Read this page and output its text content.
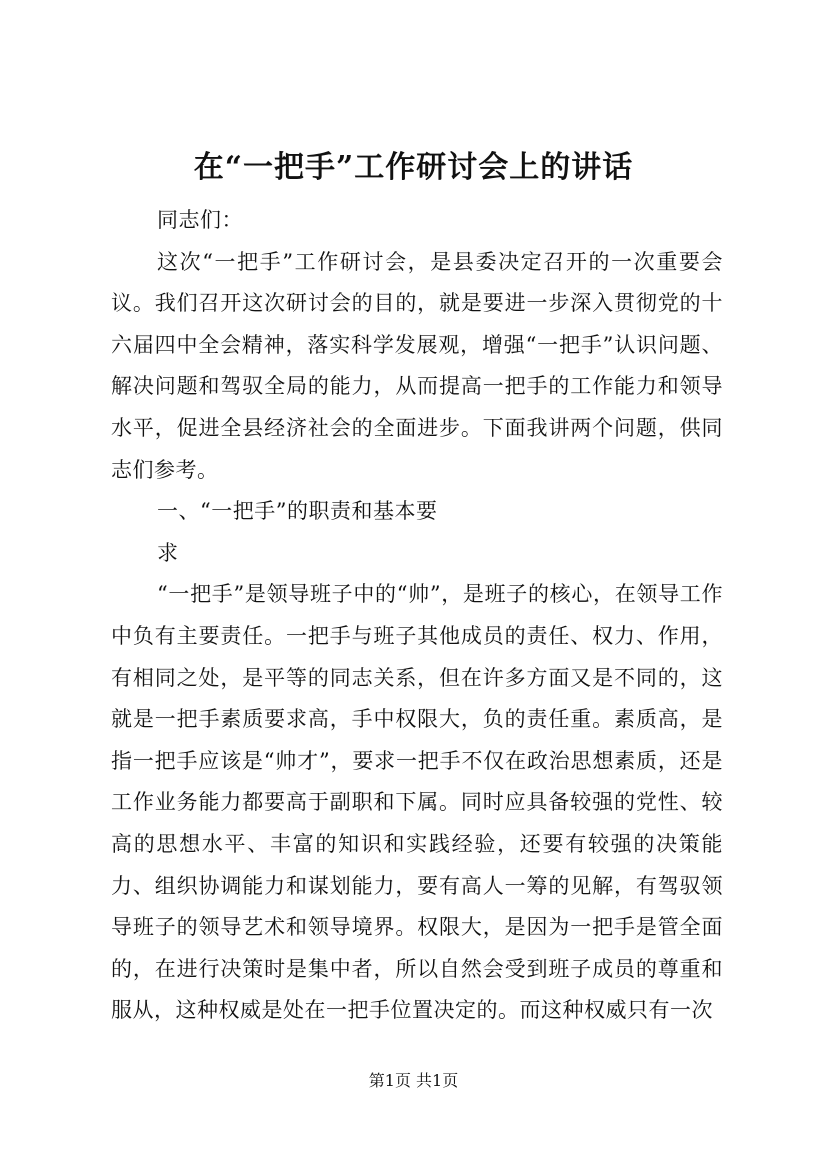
在“一把手”工作研讨会上的讲话

同志们：

这次“一把手”工作研讨会，是县委决定召开的一次重要会议。我们召开这次研讨会的目的，就是要进一步深入贯彻党的十六届四中全会精神，落实科学发展观，增强“一把手”认识问题、解决问题和驾驭全局的能力，从而提高一把手的工作能力和领导水平，促进全县经济社会的全面进步。下面我讲两个问题，供同志们参考。

一、“一把手”的职责和基本要

求

“一把手”是领导班子中的“帅”，是班子的核心，在领导工作中负有主要责任。一把手与班子其他成员的责任、权力、作用，有相同之处，是平等的同志关系，但在许多方面又是不同的，这就是一把手素质要求高，手中权限大，负的责任重。素质高，是指一把手应该是“帅才”，要求一把手不仅在政治思想素质，还是工作业务能力都要高于副职和下属。同时应具备较强的党性、较高的思想水平、丰富的知识和实践经验，还要有较强的决策能力、组织协调能力和谋划能力，要有高人一筹的见解，有驾驭领导班子的领导艺术和领导境界。权限大，是因为一把手是管全面的，在进行决策时是集中者，所以自然会受到班子成员的尊重和服从，这种权威是处在一把手位置决定的。而这种权威只有一次

第1页 共1页
